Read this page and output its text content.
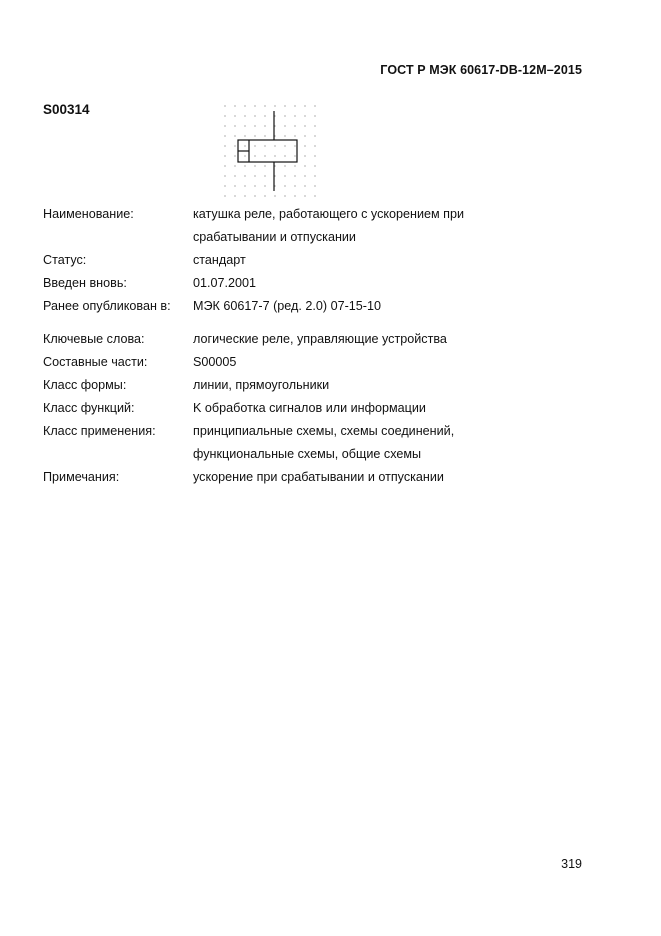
ГОСТ Р МЭК 60617-DB-12M–2015
S00314
Наименование:	катушка реле, работающего с ускорением при
срабатывании и отпускании
Статус:	стандарт
Введен вновь:	01.07.2001
Ранее опубликован в:	МЭК 60617-7 (ред. 2.0) 07-15-10
Ключевые слова:	логические реле, управляющие устройства
Составные части:	S00005
Класс формы:	линии, прямоугольники
Класс функций:	K обработка сигналов или информации
Класс применения:	принципиальные схемы, схемы соединений,
функциональные схемы, общие схемы
Примечания:	ускорение при срабатывании и отпускании
319
